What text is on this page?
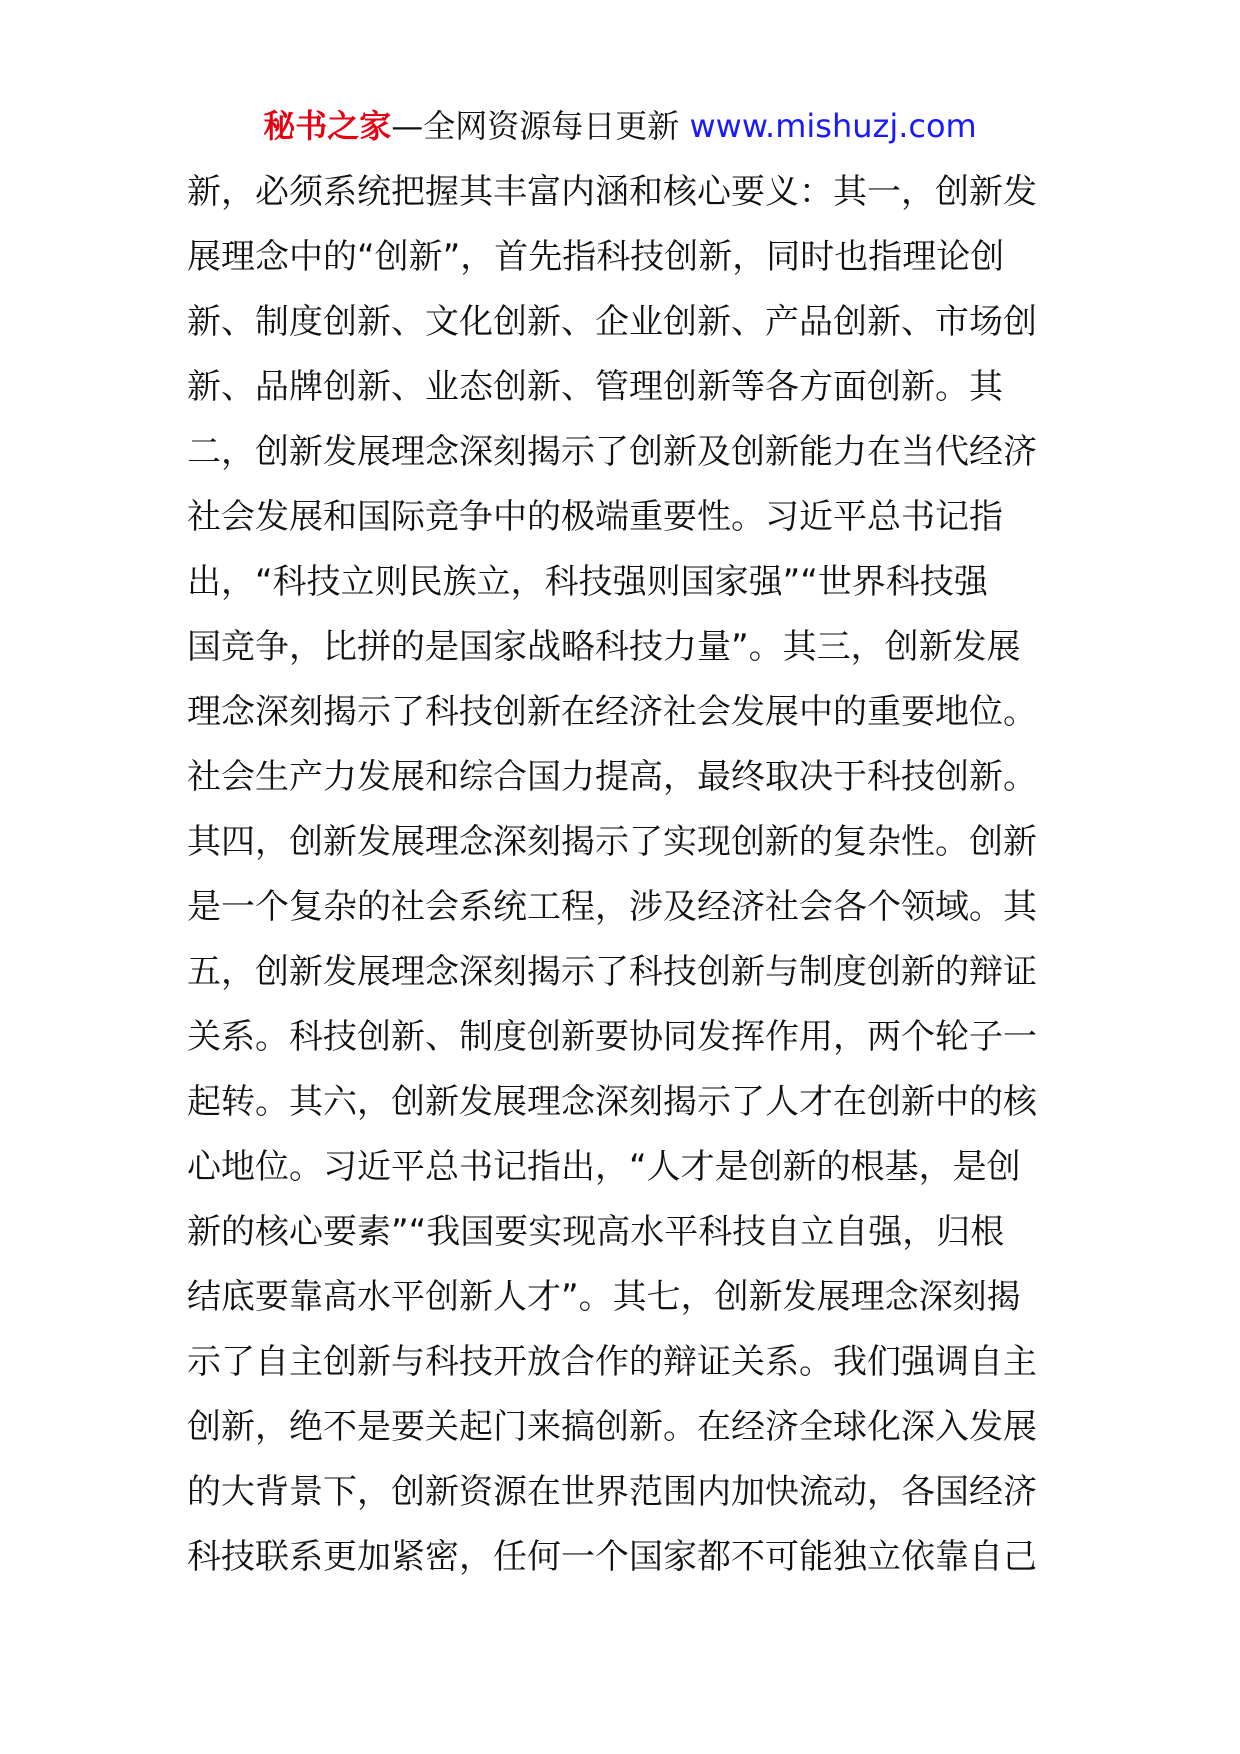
秘书之家—全网资源每日更新 www.mishuzj.com
新，必须系统把握其丰富内涵和核心要义：其一，创新发
展理念中的“创新”，首先指科技创新，同时也指理论创
新、制度创新、文化创新、企业创新、产品创新、市场创
新、品牌创新、业态创新、管理创新等各方面创新。其
二，创新发展理念深刻揭示了创新及创新能力在当代经济
社会发展和国际竞争中的极端重要性。习近平总书记指
出，“科技立则民族立，科技强则国家强”“世界科技强
国竞争，比拼的是国家战略科技力量”。其三，创新发展
理念深刻揭示了科技创新在经济社会发展中的重要地位。
社会生产力发展和综合国力提高，最终取决于科技创新。
其四，创新发展理念深刻揭示了实现创新的复杂性。创新
是一个复杂的社会系统工程，涉及经济社会各个领域。其
五，创新发展理念深刻揭示了科技创新与制度创新的辩证
关系。科技创新、制度创新要协同发挥作用，两个轮子一
起转。其六，创新发展理念深刻揭示了人才在创新中的核
心地位。习近平总书记指出，“人才是创新的根基，是创
新的核心要素”“我国要实现高水平科技自立自强，归根
结底要靠高水平创新人才”。其七，创新发展理念深刻揭
示了自主创新与科技开放合作的辩证关系。我们强调自主
创新，绝不是要关起门来搞创新。在经济全球化深入发展
的大背景下，创新资源在世界范围内加快流动，各国经济
科技联系更加紧密，任何一个国家都不可能独立依靠自己
